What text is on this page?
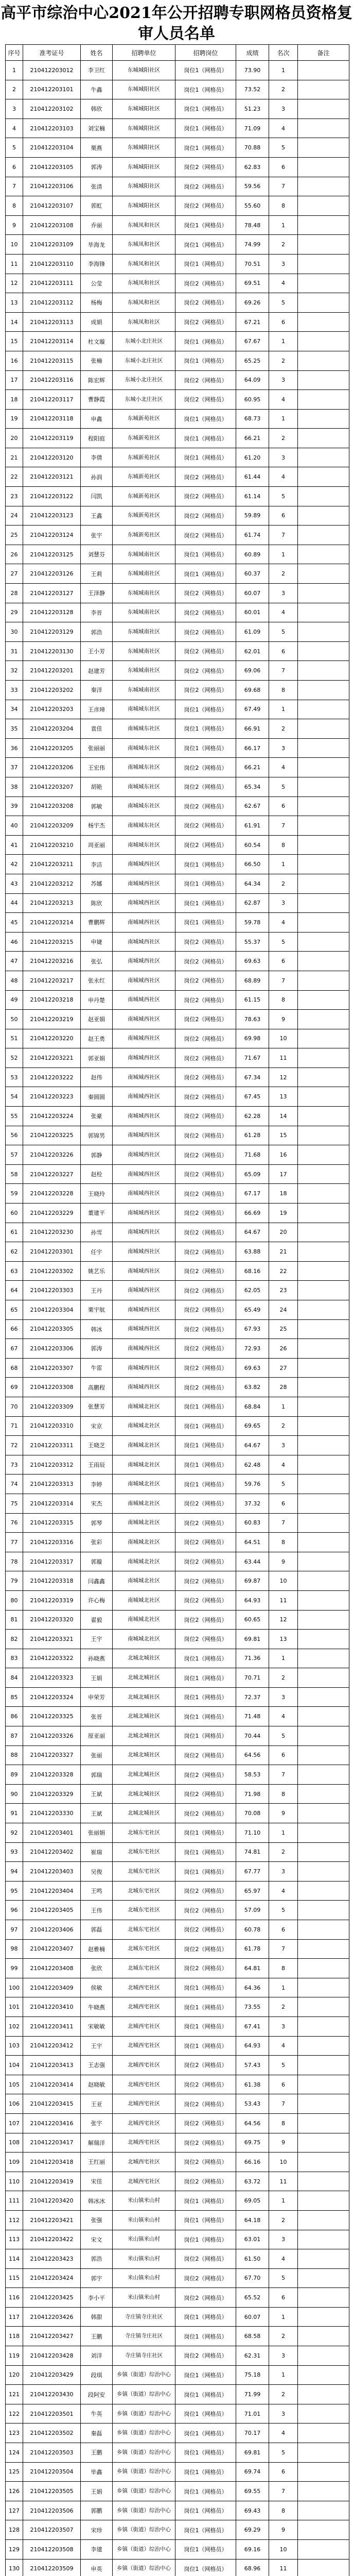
高平市综治中心2021年公开招聘专职网格员资格复
审人员名单
序号	准考证号	姓名	招聘单位	招聘岗位	成绩	名次	备注
1	210412203012	李卫红	东城城阳社区	岗位1（网格员）	73.90	1	
2	210412203101	牛鑫	东城城阳社区	岗位1（网格员）	73.52	2	
3	210412203102	韩欣	东城城阳社区	岗位1（网格员）	51.23	3	
4	210412203103	刘宝楠	东城城阳社区	岗位1（网格员）	71.09	4	
5	210412203104	栗燕	东城城阳社区	岗位1（网格员）	70.88	5	
6	210412203105	郭涛	东城城阳社区	岗位2（网格员）	62.83	6	
7	210412203106	张清	东城城阳社区	岗位2（网格员）	59.56	7	
8	210412203107	郭虹	东城城阳社区	岗位2（网格员）	55.60	8	
9	210412203108	乔丽	东城凤和社区	岗位1（网格员）	78.48	1	
10	210412203109	毕海龙	东城凤和社区	岗位1（网格员）	74.99	2	
11	210412203110	李海锋	东城凤和社区	岗位1（网格员）	70.51	3	
12	210412203111	公莹	东城凤和社区	岗位2（网格员）	69.51	4	
13	210412203112	杨梅	东城凤和社区	岗位2（网格员）	69.26	5	
14	210412203113	成娟	东城凤和社区	岗位2（网格员）	67.21	6	
15	210412203114	杜文璇	东城小北庄社区	岗位1（网格员）	67.67	1	
16	210412203115	张楠	东城小北庄社区	岗位1（网格员）	65.25	2	
17	210412203116	陈宏辉	东城小北庄社区	岗位2（网格员）	64.09	3	
18	210412203117	曹静霞	东城小北庄社区	岗位2（网格员）	60.95	4	
19	210412203118	申鑫	东城新苑社区	岗位1（网格员）	68.73	1	
20	210412203119	程阳庭	东城新苑社区	岗位1（网格员）	66.21	2	
21	210412203120	李倩	东城新苑社区	岗位1（网格员）	61.20	3	
22	210412203121	孙润	东城新苑社区	岗位2（网格员）	61.44	4	
23	210412203122	闫凯	东城新苑社区	岗位2（网格员）	61.14	5	
24	210412203123	王鑫	东城新苑社区	岗位2（网格员）	59.89	6	
25	210412203124	张宇	东城新苑社区	岗位2（网格员）	61.74	7	
26	210412203125	刘慧芬	东城城南社区	岗位1（网格员）	60.89	1	
27	210412203126	王莉	东城城南社区	岗位1（网格员）	60.37	2	
28	210412203127	王泽静	东城城南社区	岗位2（网格员）	60.07	3	
29	210412203128	李晋	东城城南社区	岗位2（网格员）	60.01	4	
30	210412203129	郭浩	东城城南社区	岗位2（网格员）	61.09	5	
31	210412203130	王小芳	东城城南社区	岗位2（网格员）	62.01	6	
32	210412203201	赵建芳	东城城南社区	岗位2（网格员）	69.06	7	
33	210412203202	秦洋	东城城南社区	岗位2（网格员）	69.68	8	
34	210412203203	王彦璋	南城城东社区	岗位1（网格员）	67.49	1	
35	210412203204	袁佳	南城城东社区	岗位1（网格员）	66.91	2	
36	210412203205	张丽丽	南城城东社区	岗位1（网格员）	66.17	3	
37	210412203206	王宏伟	南城城东社区	岗位2（网格员）	66.21	4	
38	210412203207	胡艳	南城城东社区	岗位2（网格员）	65.34	5	
39	210412203208	郭敏	南城城东社区	岗位2（网格员）	62.67	6	
40	210412203209	杨宇杰	南城城东社区	岗位2（网格员）	61.91	7	
41	210412203210	周亚丽	南城城东社区	岗位2（网格员）	60.54	8	
42	210412203211	李洁	南城城西社区	岗位1（网格员）	66.50	1	
43	210412203212	苏娜	南城城西社区	岗位1（网格员）	64.34	2	
44	210412203213	陈欣	南城城西社区	岗位1（网格员）	62.87	3	
45	210412203214	曹鹏辉	南城城西社区	岗位1（网格员）	59.78	4	
46	210412203215	申婕	南城城西社区	岗位2（网格员）	55.37	5	
47	210412203216	张弘	南城城西社区	岗位2（网格员）	69.63	6	
48	210412203217	张永红	南城城西社区	岗位2（网格员）	68.89	7	
49	210412203218	申丹楚	南城城西社区	岗位2（网格员）	61.15	8	
50	210412203219	赵亚娟	南城城西社区	岗位2（网格员）	78.63	9	
51	210412203220	赵王勇	南城城西社区	岗位2（网格员）	69.98	10	
52	210412203221	郭亚娟	南城城西社区	岗位2（网格员）	71.67	11	
53	210412203222	赵伟	南城城西社区	岗位2（网格员）	67.34	12	
54	210412203223	秦圆圆	南城城西社区	岗位2（网格员）	67.45	13	
55	210412203224	张豪	南城城西社区	岗位2（网格员）	62.28	14	
56	210412203225	郭锦男	南城城西社区	岗位2（网格员）	61.28	15	
57	210412203226	郭静	南城城西社区	岗位2（网格员）	71.68	16	
58	210412203227	赵栓	南城城西社区	岗位2（网格员）	65.09	17	
59	210412203228	王晓玲	南城城西社区	岗位2（网格员）	67.17	18	
60	210412203229	董建平	南城城西社区	岗位2（网格员）	66.69	19	
61	210412203230	孙雪	南城城西社区	岗位2（网格员）	64.67	20	
62	210412203301	任宇	南城城西社区	岗位2（网格员）	63.88	21	
63	210412203302	姚艺乐	南城城西社区	岗位2（网格员）	68.16	22	
64	210412203303	王丹	南城城西社区	岗位2（网格员）	62.05	23	
65	210412203304	栗宇航	南城城西社区	岗位2（网格员）	65.49	24	
66	210412203305	韩冰	南城城西社区	岗位2（网格员）	67.93	25	
67	210412203306	郭涛	南城城西社区	岗位2（网格员）	72.93	26	
68	210412203307	牛雷	南城城西社区	岗位2（网格员）	69.63	27	
69	210412203308	高鹏程	南城城西社区	岗位2（网格员）	63.82	28	
70	210412203309	张慧芳	南城城北社区	岗位1（网格员）	68.84	1	
71	210412203310	宋京	南城城北社区	岗位1（网格员）	69.65	2	
72	210412203311	王晓芝	南城城北社区	岗位1（网格员）	64.67	3	
73	210412203312	王雨辰	南城城北社区	岗位1（网格员）	62.48	4	
74	210412203313	李婷	南城城北社区	岗位1（网格员）	59.76	5	
75	210412203314	宋杰	南城城北社区	岗位2（网格员）	37.32	6	
76	210412203315	郭琴	南城城北社区	岗位2（网格员）	60.83	7	
77	210412203316	张彩	南城城北社区	岗位2（网格员）	64.51	8	
78	210412203317	郭璇	南城城北社区	岗位2（网格员）	63.44	9	
79	210412203318	闫鑫鑫	南城城北社区	岗位2（网格员）	69.87	10	
80	210412203319	许心梅	南城城北社区	岗位2（网格员）	64.93	11	
81	210412203320	翟毅	南城城北社区	岗位2（网格员）	60.65	12	
82	210412203321	王宇	南城城北社区	岗位2（网格员）	69.81	13	
83	210412203322	孙晓燕	北城北城社区	岗位1（网格员）	71.36	1	
84	210412203323	王娟	北城北城社区	岗位1（网格员）	70.71	2	
85	210412203324	申荣芳	北城北城社区	岗位1（网格员）	72.37	3	
86	210412203325	张晋	北城北城社区	岗位1（网格员）	71.48	4	
87	210412203326	原亚丽	北城北城社区	岗位1（网格员）	70.44	5	
88	210412203327	张丽	北城北城社区	岗位2（网格员）	64.56	6	
89	210412203328	郭瑞	北城北城社区	岗位2（网格员）	58.53	7	
90	210412203329	王斌	北城北城社区	岗位2（网格员）	71.98	8	
91	210412203330	王斌	北城北城社区	岗位2（网格员）	70.08	9	
92	210412203401	张丽娟	北城东宅社区	岗位1（网格员）	71.10	1	
93	210412203402	崔瑞	北城东宅社区	岗位1（网格员）	74.81	2	
94	210412203403	吴俊	北城东宅社区	岗位1（网格员）	67.77	3	
95	210412203404	王鸣	北城东宅社区	岗位2（网格员）	65.97	4	
96	210412203405	王伟	北城东宅社区	岗位2（网格员）	57.09	5	
97	210412203406	郭磊	北城东宅社区	岗位2（网格员）	60.78	6	
98	210412203407	赵雅楠	北城东宅社区	岗位2（网格员）	61.78	7	
99	210412203408	张欣	北城东宅社区	岗位2（网格员）	64.81	8	
100	210412203409	侯敏	北城西宅社区	岗位1（网格员）	64.36	1	
101	210412203410	牛晓燕	北城西宅社区	岗位1（网格员）	73.55	2	
102	210412203411	宋敏敏	北城西宅社区	岗位1（网格员）	67.41	3	
103	210412203412	王宇	北城西宅社区	岗位1（网格员）	64.93	4	
104	210412203413	王志强	北城西宅社区	岗位2（网格员）	57.43	5	
105	210412203414	赵晓敏	北城西宅社区	岗位2（网格员）	61.38	6	
106	210412203415	王亚	北城西宅社区	岗位2（网格员）	53.43	7	
107	210412203416	张宇	北城西宅社区	岗位2（网格员）	64.56	8	
108	210412203417	解瑞洋	北城西宅社区	岗位2（网格员）	69.75	9	
109	210412203418	王红丽	北城西宅社区	岗位2（网格员）	66.16	10	
110	210412203419	宋佳	北城西宅社区	岗位2（网格员）	63.72	11	
111	210412203420	韩冰冰	米山镇米山村	岗位1（网格员）	69.05	1	
112	210412203421	张强	米山镇米山村	岗位1（网格员）	64.18	2	
113	210412203422	宋文	米山镇米山村	岗位1（网格员）	63.01	3	
114	210412203423	郭浩	米山镇米山村	岗位2（网格员）	61.50	4	
115	210412203424	郭宇	米山镇米山村	岗位2（网格员）	67.70	5	
116	210412203425	李小平	米山镇米山村	岗位2（网格员）	65.52	6	
117	210412203426	韩甜	寺庄镇寺庄社区	岗位1（网格员）	60.07	1	
118	210412203427	王鹏	寺庄镇寺庄社区	岗位1（网格员）	68.58	2	
119	210412203428	刘洋	寺庄镇寺庄社区	岗位2（网格员）	62.31	3	
120	210412203429	段琪	乡镇（街道）综治中心	岗位1（网格员）	75.18	1	
121	210412203430	段阿安	乡镇（街道）综治中心	岗位1（网格员）	71.99	2	
122	210412203501	牛英	乡镇（街道）综治中心	岗位1（网格员）	71.01	3	
123	210412203502	秦磊	乡镇（街道）综治中心	岗位1（网格员）	70.17	4	
124	210412203503	王鹏	乡镇（街道）综治中心	岗位1（网格员）	69.81	5	
125	210412203504	毕鑫	乡镇（街道）综治中心	岗位1（网格员）	69.74	6	
126	210412203505	王娟	乡镇（街道）综治中心	岗位1（网格员）	69.55	7	
127	210412203506	郭鹏	乡镇（街道）综治中心	岗位1（网格员）	69.43	8	
128	210412203507	宋珍	乡镇（街道）综治中心	岗位1（网格员）	69.29	9	
129	210412203508	李建	乡镇（街道）综治中心	岗位1（网格员）	69.16	10	
130	210412203509	申英	乡镇（街道）综治中心	岗位1（网格员）	68.96	11	
